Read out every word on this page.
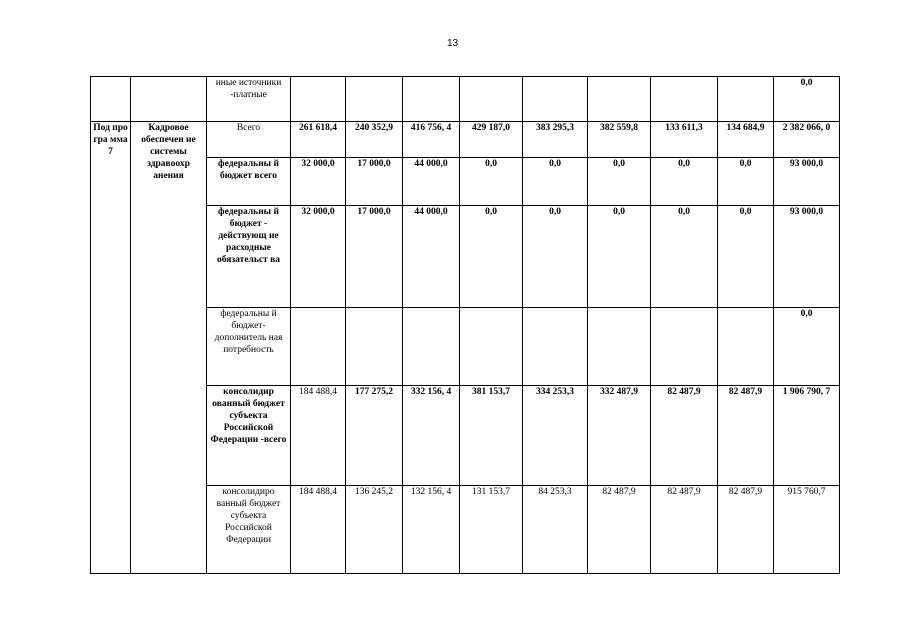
13
		иные источники -платные									0,0
Под про гра мма 7	Кадровое обеспечен ие системы здравоохр анения	Всего	261 618,4	240 352,9	416 756, 4	429 187,0	383 295,3	382 559,8	133 611,3	134 684,9	2 382 066, 0
		федеральны й бюджет всего	32 000,0	17 000,0	44 000,0	0,0	0,0	0,0	0,0	0,0	93 000,0
		федеральны й бюджет - действующ ие расходные обязательст ва	32 000,0	17 000,0	44 000,0	0,0	0,0	0,0	0,0	0,0	93 000,0
		федеральны й бюджет- дополнитель ная потребность									0,0
		консолидир ованный бюджет субъекта Российской Федерации -всего	184 488,4	177 275,2	332 156, 4	381 153,7	334 253,3	332 487,9	82 487,9	82 487,9	1 906 790, 7
		консолидиро ванный бюджет субъекта Российской Федерации	184 488,4	136 245,2	132 156, 4	131 153,7	84 253,3	82 487,9	82 487,9	82 487,9	915 760,7
